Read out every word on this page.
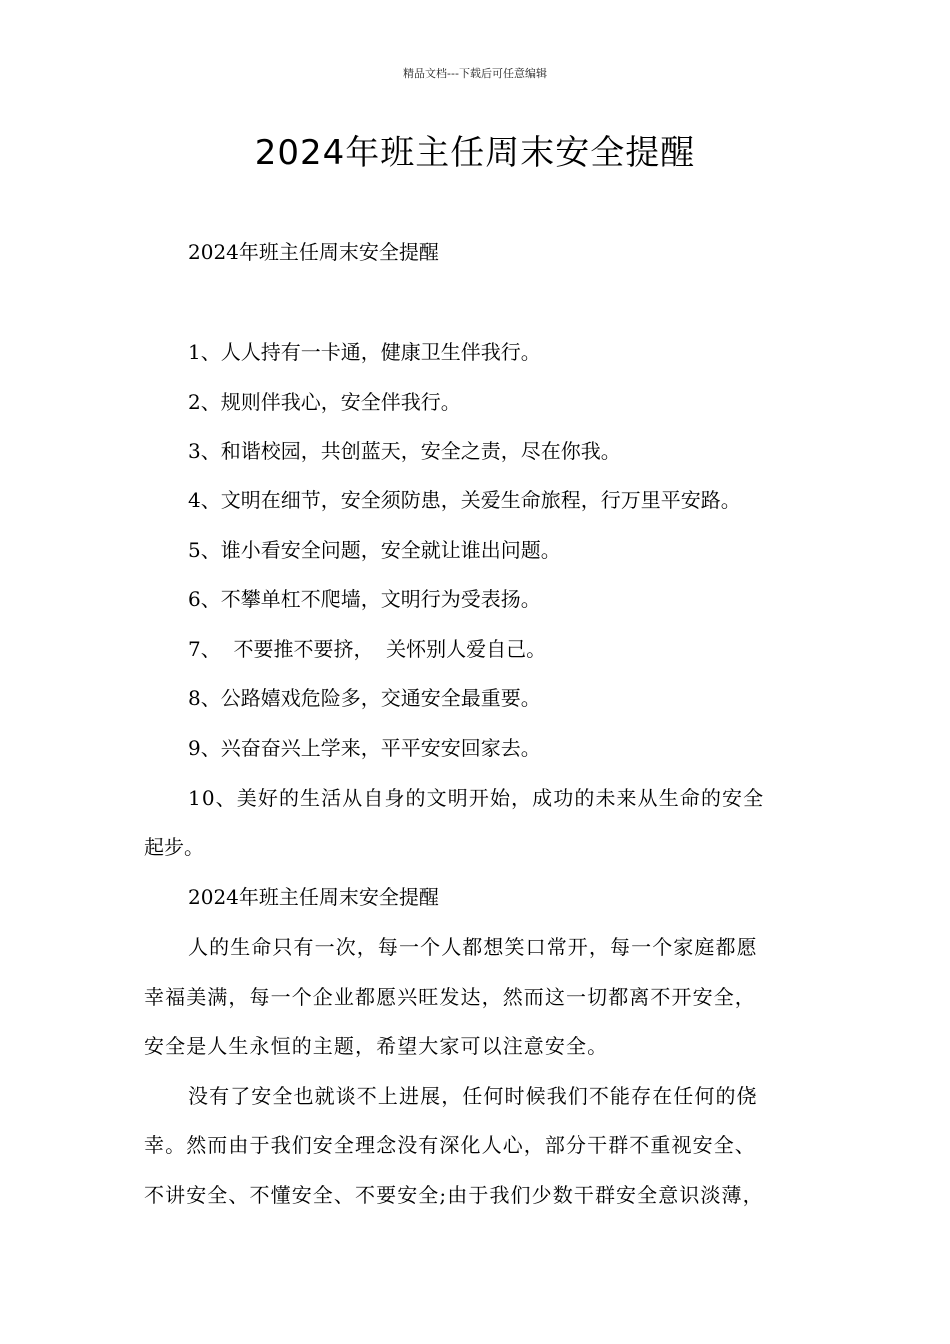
精品文档---下载后可任意编辑
2024年班主任周末安全提醒
2024年班主任周末安全提醒
1、人人持有一卡通，健康卫生伴我行。
2、规则伴我心，安全伴我行。
3、和谐校园，共创蓝天，安全之责，尽在你我。
4、文明在细节，安全须防患，关爱生命旅程，行万里平安路。
5、谁小看安全问题，安全就让谁出问题。
6、不攀单杠不爬墙，文明行为受表扬。
7、  不要推不要挤，  关怀别人爱自己。
8、公路嬉戏危险多，交通安全最重要。
9、兴奋奋兴上学来，平平安安回家去。
10、美好的生活从自身的文明开始，成功的未来从生命的安全
起步。
2024年班主任周末安全提醒
人的生命只有一次，每一个人都想笑口常开，每一个家庭都愿
幸福美满，每一个企业都愿兴旺发达，然而这一切都离不开安全，
安全是人生永恒的主题，希望大家可以注意安全。
没有了安全也就谈不上进展，任何时候我们不能存在任何的侥
幸。然而由于我们安全理念没有深化人心，部分干群不重视安全、
不讲安全、不懂安全、不要安全;由于我们少数干群安全意识淡薄，
